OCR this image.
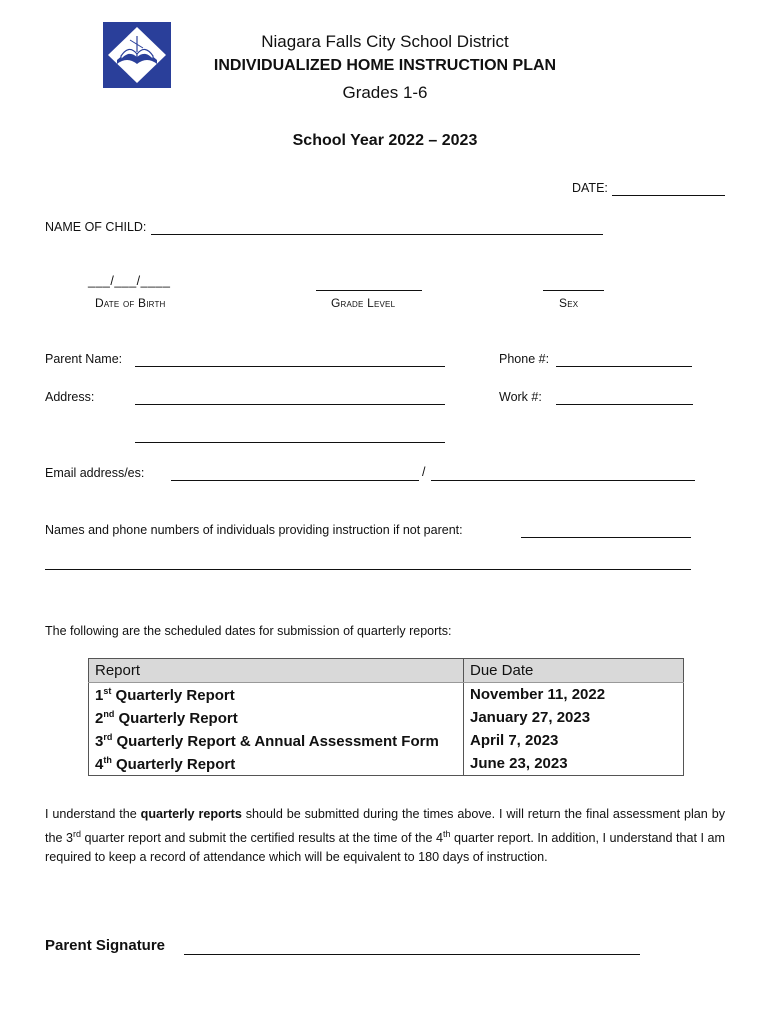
Niagara Falls City School District
INDIVIDUALIZED HOME INSTRUCTION PLAN
Grades 1-6
School Year 2022 – 2023
DATE:
NAME OF CHILD:
___/___/____
Date of Birth	Grade Level	Sex
Parent Name:	Phone #:
Address:	Work #:
Email address/es:	/
Names and phone numbers of individuals providing instruction if not parent:
The following are the scheduled dates for submission of quarterly reports:
Report	Due Date
1st Quarterly Report	November 11, 2022
2nd Quarterly Report	January 27, 2023
3rd Quarterly Report & Annual Assessment Form	April 7, 2023
4th Quarterly Report	June 23, 2023
I understand the quarterly reports should be submitted during the times above. I will return the final assessment plan by the 3rd quarter report and submit the certified results at the time of the 4th quarter report. In addition, I understand that I am required to keep a record of attendance which will be equivalent to 180 days of instruction.
Parent Signature
